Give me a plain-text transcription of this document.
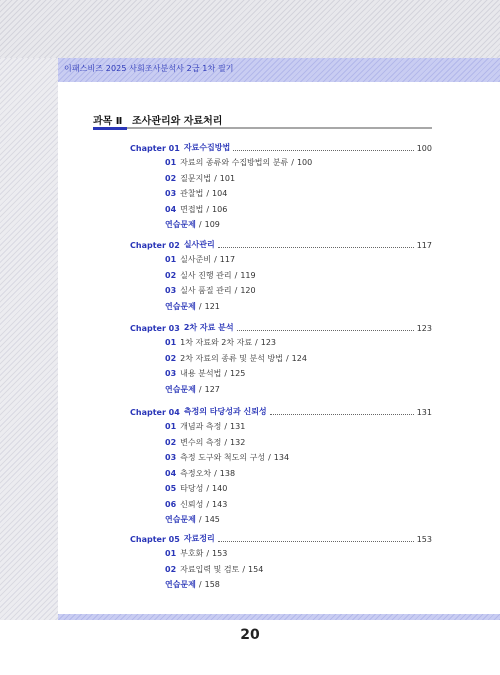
이패스비즈 2025 사회조사분석사 2급 1차 필기
과목 Ⅱ 조사관리와 자료처리
Chapter 01 자료수집방법	100
01 자료의 종류와 수집방법의 분류 / 100
02 질문지법 / 101
03 관찰법 / 104
04 면접법 / 106
연습문제 / 109
Chapter 02 실사관리	117
01 실사준비 / 117
02 실사 진행 관리 / 119
03 실사 품질 관리 / 120
연습문제 / 121
Chapter 03 2차 자료 분석	123
01 1차 자료와 2차 자료 / 123
02 2차 자료의 종류 및 분석 방법 / 124
03 내용 분석법 / 125
연습문제 / 127
Chapter 04 측정의 타당성과 신뢰성	131
01 개념과 측정 / 131
02 변수의 측정 / 132
03 측정 도구와 척도의 구성 / 134
04 측정오차 / 138
05 타당성 / 140
06 신뢰성 / 143
연습문제 / 145
Chapter 05 자료정리	153
01 부호화 / 153
02 자료입력 및 검토 / 154
연습문제 / 158
20
